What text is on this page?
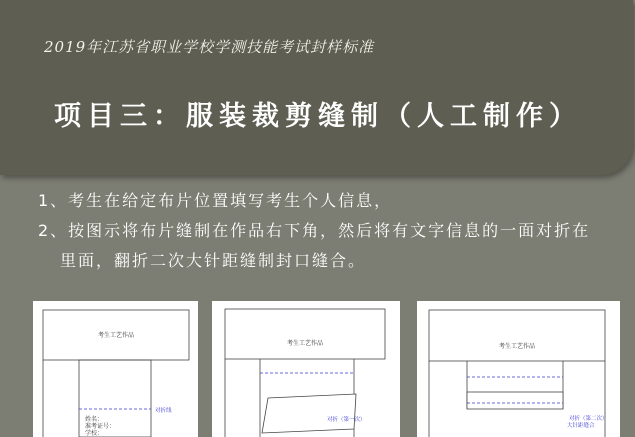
2019年江苏省职业学校学测技能考试封样标准
项目三：服装裁剪缝制（人工制作）
1、考生在给定布片位置填写考生个人信息，
2、按图示将布片缝制在作品右下角，然后将有文字信息的一面对折在
里面，翻折二次大针距缝制封口缝合。
考生工艺作品
对折线
姓名：
准考证号：
学校：
考生工艺作品
对折（第一次）
考生工艺作品
对折（第二次）
大针距缝合
